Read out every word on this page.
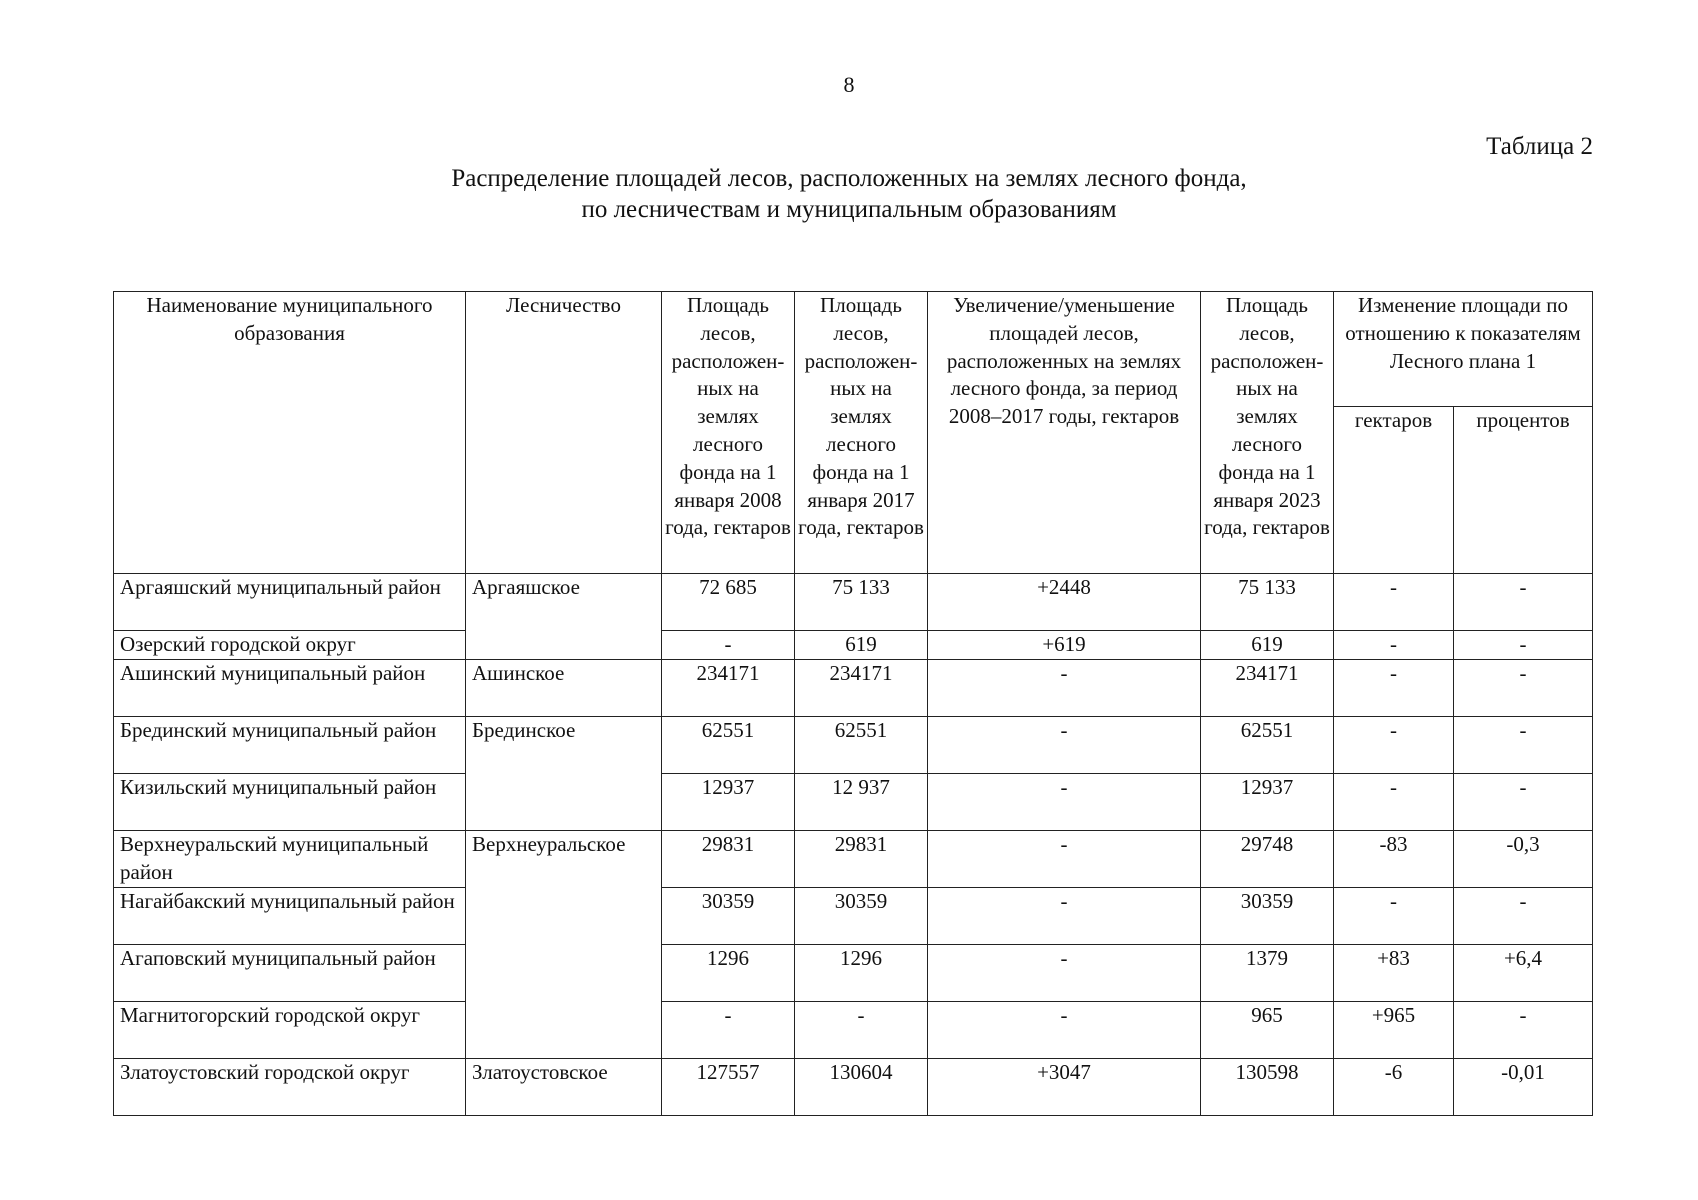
8
Таблица 2
Распределение площадей лесов, расположенных на землях лесного фонда,
по лесничествам и муниципальным образованиям
Наименование муниципального образования	Лесничество	Площадь лесов, расположен-ных на землях лесного фонда на 1 января 2008 года, гектаров	Площадь лесов, расположен-ных на землях лесного фонда на 1 января 2017 года, гектаров	Увеличение/уменьшение площадей лесов, расположенных на землях лесного фонда, за период 2008–2017 годы, гектаров	Площадь лесов, расположен-ных на землях лесного фонда на 1 января 2023 года, гектаров	Изменение площади по отношению к показателям Лесного плана 1	
						гектаров	процентов
Аргаяшский муниципальный район	Аргаяшское	72 685	75 133	+2448	75 133	-	-
Озерский городской округ		-	619	+619	619	-	-
Ашинский муниципальный район	Ашинское	234171	234171	-	234171	-	-
Брединский муниципальный район	Брединское	62551	62551	-	62551	-	-
Кизильский муниципальный район		12937	12 937	-	12937	-	-
Верхнеуральский муниципальный район	Верхнеуральское	29831	29831	-	29748	-83	-0,3
Нагайбакский муниципальный район		30359	30359	-	30359	-	-
Агаповский муниципальный район		1296	1296	-	1379	+83	+6,4
Магнитогорский городской округ		-	-	-	965	+965	-
Златоустовский городской округ	Златоустовское	127557	130604	+3047	130598	-6	-0,01
